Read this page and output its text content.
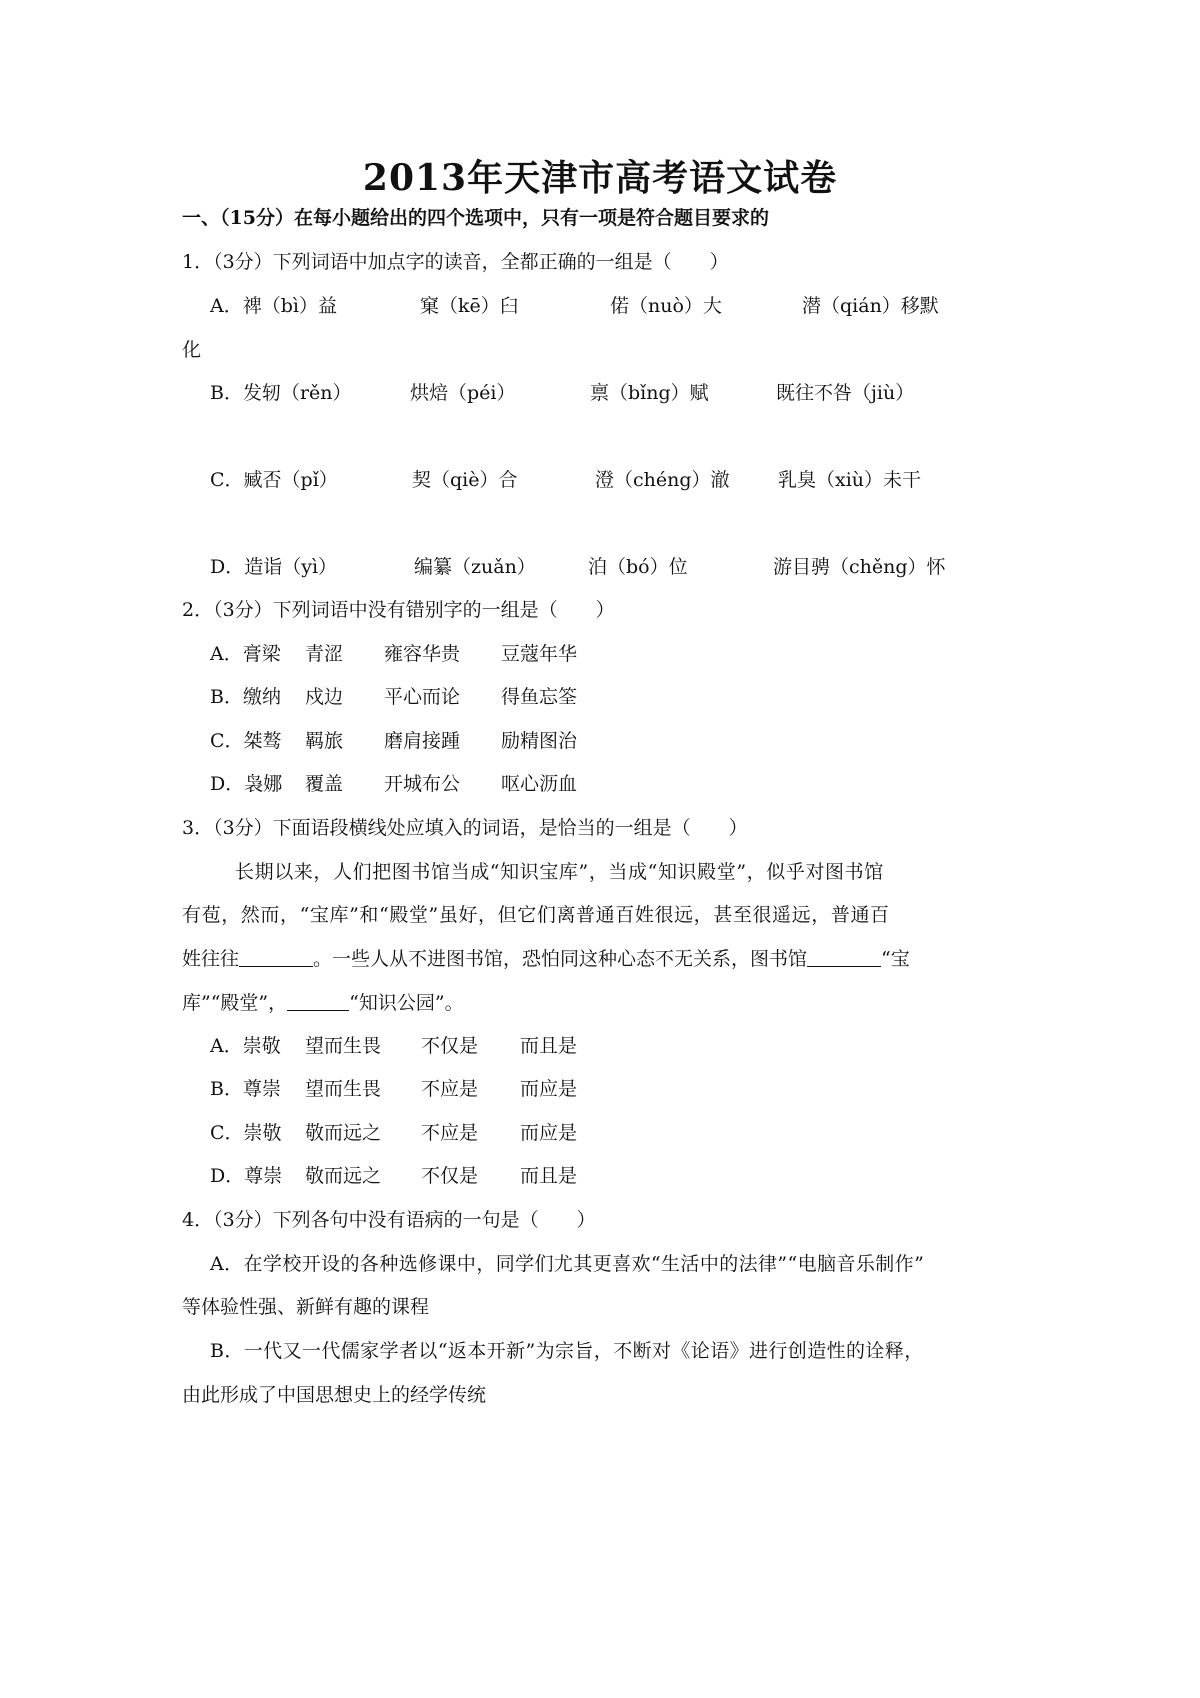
2013年天津市高考语文试卷
一、（15分）在每小题给出的四个选项中，只有一项是符合题目要求的
1．（3分）下列词语中加点字的读音，全都正确的一组是（　　）
A．禆（bì）益	窠（kē）臼	偌（nuò）大	潜（qián）移默
化
B．发轫（rěn）	烘焙（péi）	禀（bǐng）赋	既往不咎（jiù）
C．臧否（pǐ）	契（qiè）合	澄（chéng）澈	乳臭（xiù）未干
D．造诣（yì）	编纂（zuǎn）	泊（bó）位	游目骋（chěng）怀
2．（3分）下列词语中没有错别字的一组是（　　）
A．膏梁 青涩 雍容华贵 豆蔻年华
B．缴纳 戍边 平心而论 得鱼忘筌
C．桀骜 羁旅 磨肩接踵 励精图治
D．袅娜 覆盖 开城布公 呕心沥血
3．（3分）下面语段横线处应填入的词语，是恰当的一组是（　　）
长期以来，人们把图书馆当成“知识宝库”，当成“知识殿堂”，似乎对图书馆
有苞，然而，“宝库”和“殿堂”虽好，但它们离普通百姓很远，甚至很遥远，普通百
姓往往	。一些人从不进图书馆，恐怕同这种心态不无关系，图书馆	“宝
库”“殿堂”，	“知识公园”。
A．崇敬 望而生畏 不仅是 而且是
B．尊崇 望而生畏 不应是 而应是
C．崇敬 敬而远之 不应是 而应是
D．尊崇 敬而远之 不仅是 而且是
4．（3分）下列各句中没有语病的一句是（　　）
A．在学校开设的各种选修课中，同学们尤其更喜欢“生活中的法律”“电脑音乐制作”
等体验性强、新鲜有趣的课程
B．一代又一代儒家学者以“返本开新”为宗旨，不断对《论语》进行创造性的诠释，
由此形成了中国思想史上的经学传统
